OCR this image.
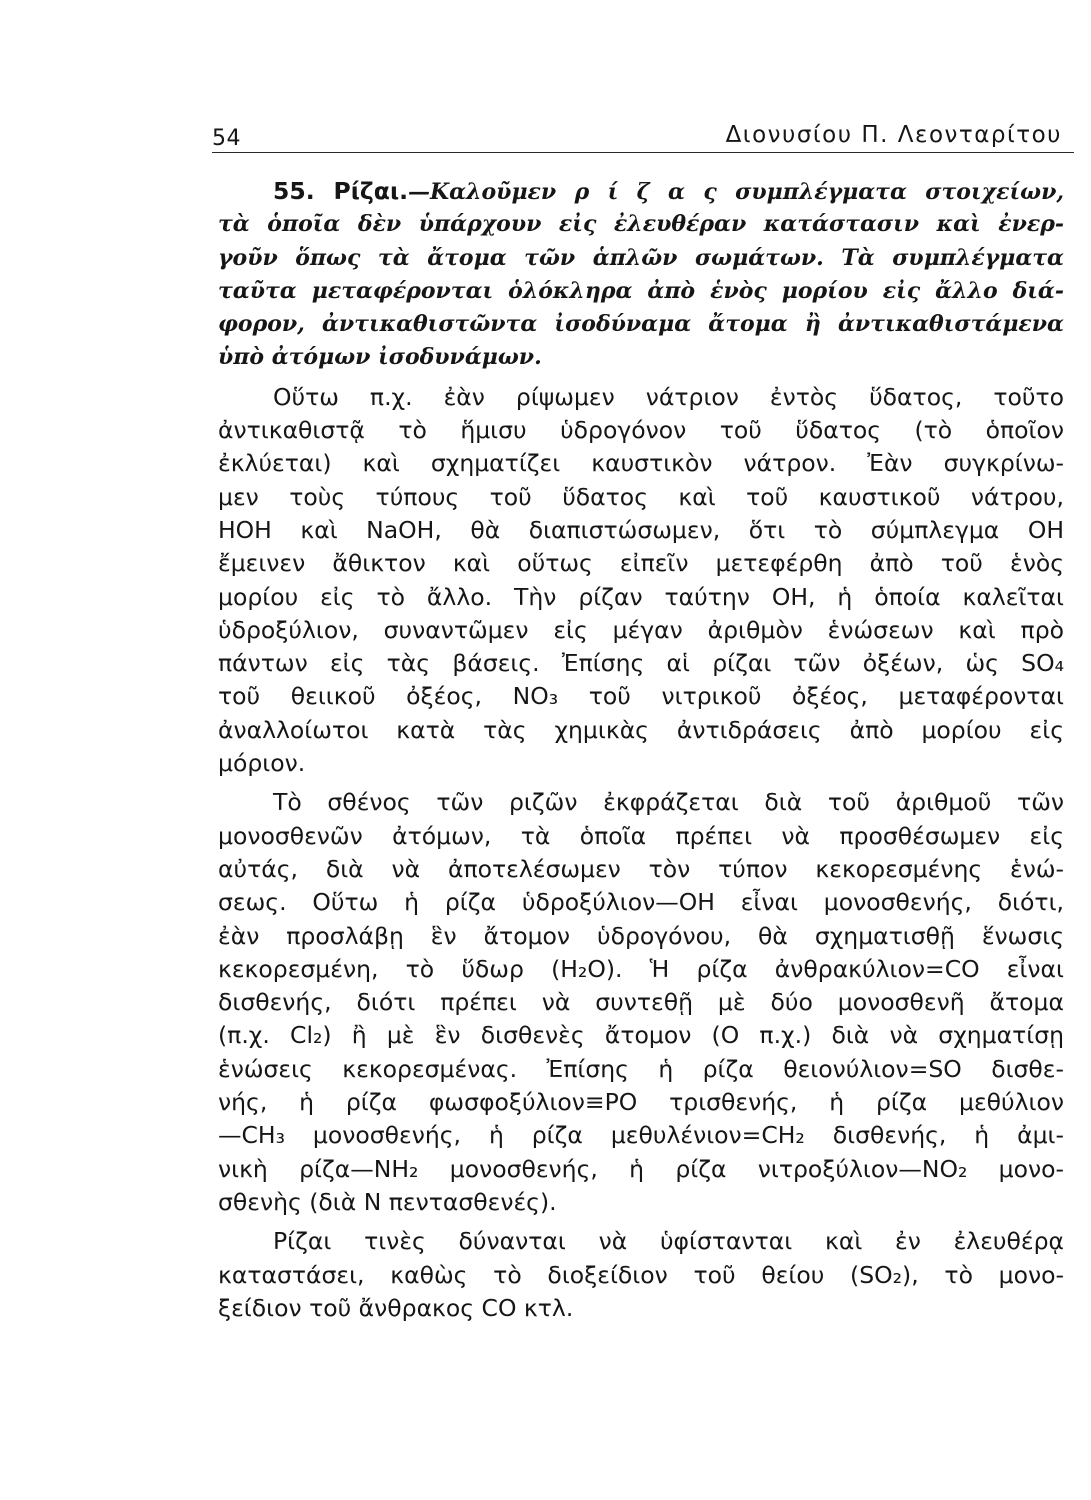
54	Διονυσίου Π. Λεονταρίτου
55. Ρίζαι.—Καλοῦμεν ρ ί ζ α ς συμπλέγματα στοιχείων,
τὰ ὁποῖα δὲν ὑπάρχουν εἰς ἐλευθέραν κατάστασιν καὶ ἐνερ-
γοῦν ὅπως τὰ ἄτομα τῶν ἁπλῶν σωμάτων. Τὰ συμπλέγματα
ταῦτα μεταφέρονται ὁλόκληρα ἀπὸ ἑνὸς μορίου εἰς ἄλλο διά-
φορον, ἀντικαθιστῶντα ἰσοδύναμα ἄτομα ἢ ἀντικαθιστάμενα
ὑπὸ ἀτόμων ἰσοδυνάμων.
Οὕτω π.χ. ἐὰν ρίψωμεν νάτριον ἐντὸς ὕδατος, τοῦτο
ἀντικαθιστᾷ τὸ ἥμισυ ὑδρογόνον τοῦ ὕδατος (τὸ ὁποῖον
ἐκλύεται) καὶ σχηματίζει καυστικὸν νάτρον. Ἐὰν συγκρίνω-
μεν τοὺς τύπους τοῦ ὕδατος καὶ τοῦ καυστικοῦ νάτρου,
HOH καὶ NaOH, θὰ διαπιστώσωμεν, ὅτι τὸ σύμπλεγμα OH
ἔμεινεν ἄθικτον καὶ οὕτως εἰπεῖν μετεφέρθη ἀπὸ τοῦ ἑνὸς
μορίου εἰς τὸ ἄλλο. Τὴν ρίζαν ταύτην OH, ἡ ὁποία καλεῖται
ὑδροξύλιον, συναντῶμεν εἰς μέγαν ἀριθμὸν ἑνώσεων καὶ πρὸ
πάντων εἰς τὰς βάσεις. Ἐπίσης αἱ ρίζαι τῶν ὀξέων, ὡς SO₄
τοῦ θειικοῦ ὀξέος, NO₃ τοῦ νιτρικοῦ ὀξέος, μεταφέρονται
ἀναλλοίωτοι κατὰ τὰς χημικὰς ἀντιδράσεις ἀπὸ μορίου εἰς
μόριον.
Τὸ σθένος τῶν ριζῶν ἐκφράζεται διὰ τοῦ ἀριθμοῦ τῶν
μονοσθενῶν ἀτόμων, τὰ ὁποῖα πρέπει νὰ προσθέσωμεν εἰς
αὐτάς, διὰ νὰ ἀποτελέσωμεν τὸν τύπον κεκορεσμένης ἑνώ-
σεως. Οὕτω ἡ ρίζα ὑδροξύλιον—OH εἶναι μονοσθενής, διότι,
ἐὰν προσλάβῃ ἓν ἄτομον ὑδρογόνου, θὰ σχηματισθῇ ἕνωσις
κεκορεσμένη, τὸ ὕδωρ (H₂O). Ἡ ρίζα ἀνθρακύλιον=CO εἶναι
δισθενής, διότι πρέπει νὰ συντεθῇ μὲ δύο μονοσθενῆ ἄτομα
(π.χ. Cl₂) ἢ μὲ ἓν δισθενὲς ἄτομον (O π.χ.) διὰ νὰ σχηματίσῃ
ἑνώσεις κεκορεσμένας. Ἐπίσης ἡ ρίζα θειονύλιον=SO δισθε-
νής, ἡ ρίζα φωσφοξύλιον≡PO τρισθενής, ἡ ρίζα μεθύλιον
—CH₃ μονοσθενής, ἡ ρίζα μεθυλένιον=CH₂ δισθενής, ἡ ἀμι-
νικὴ ρίζα—NH₂ μονοσθενής, ἡ ρίζα νιτροξύλιον—NO₂ μονο-
σθενὴς (διὰ N πεντασθενές).
Ρίζαι τινὲς δύνανται νὰ ὑφίστανται καὶ ἐν ἐλευθέρᾳ
καταστάσει, καθὼς τὸ διοξείδιον τοῦ θείου (SO₂), τὸ μονο-
ξείδιον τοῦ ἄνθρακος CO κτλ.
